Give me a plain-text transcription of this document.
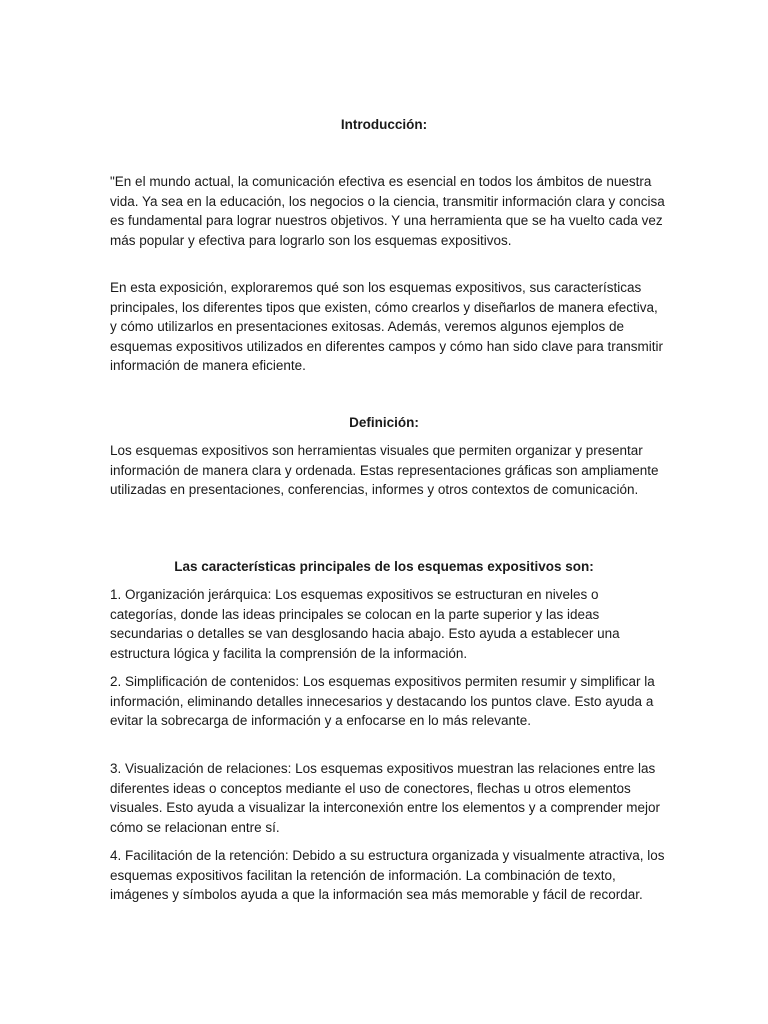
Introducción:

"En el mundo actual, la comunicación efectiva es esencial en todos los ámbitos de nuestra vida. Ya sea en la educación, los negocios o la ciencia, transmitir información clara y concisa es fundamental para lograr nuestros objetivos. Y una herramienta que se ha vuelto cada vez más popular y efectiva para lograrlo son los esquemas expositivos.

En esta exposición, exploraremos qué son los esquemas expositivos, sus características principales, los diferentes tipos que existen, cómo crearlos y diseñarlos de manera efectiva, y cómo utilizarlos en presentaciones exitosas. Además, veremos algunos ejemplos de esquemas expositivos utilizados en diferentes campos y cómo han sido clave para transmitir información de manera eficiente.

Definición:

Los esquemas expositivos son herramientas visuales que permiten organizar y presentar información de manera clara y ordenada. Estas representaciones gráficas son ampliamente utilizadas en presentaciones, conferencias, informes y otros contextos de comunicación.

Las características principales de los esquemas expositivos son:

1. Organización jerárquica: Los esquemas expositivos se estructuran en niveles o categorías, donde las ideas principales se colocan en la parte superior y las ideas secundarias o detalles se van desglosando hacia abajo. Esto ayuda a establecer una estructura lógica y facilita la comprensión de la información.

2. Simplificación de contenidos: Los esquemas expositivos permiten resumir y simplificar la información, eliminando detalles innecesarios y destacando los puntos clave. Esto ayuda a evitar la sobrecarga de información y a enfocarse en lo más relevante.

3. Visualización de relaciones: Los esquemas expositivos muestran las relaciones entre las diferentes ideas o conceptos mediante el uso de conectores, flechas u otros elementos visuales. Esto ayuda a visualizar la interconexión entre los elementos y a comprender mejor cómo se relacionan entre sí.

4. Facilitación de la retención: Debido a su estructura organizada y visualmente atractiva, los esquemas expositivos facilitan la retención de información. La combinación de texto, imágenes y símbolos ayuda a que la información sea más memorable y fácil de recordar.
